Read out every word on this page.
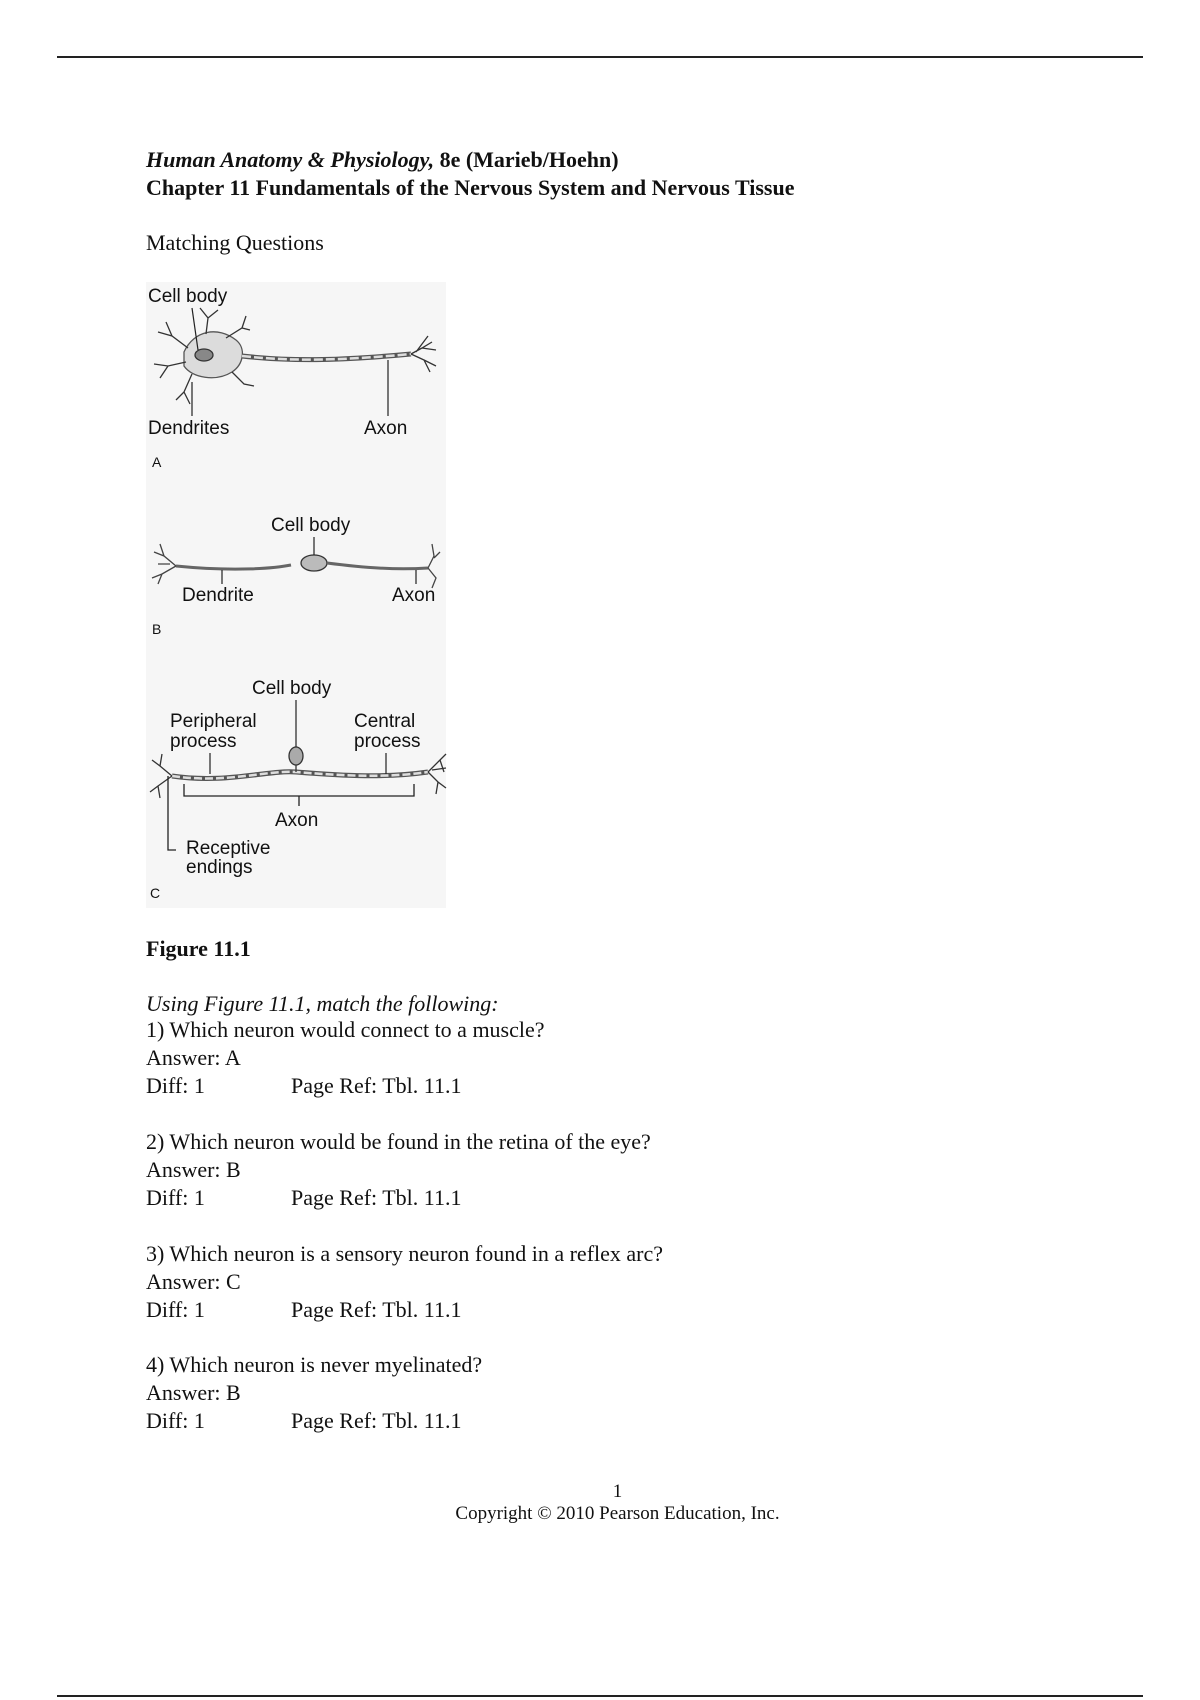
Human Anatomy & Physiology, 8e (Marieb/Hoehn)
Chapter 11 Fundamentals of the Nervous System and Nervous Tissue
Matching Questions
Figure 11.1
Using Figure 11.1, match the following:
1) Which neuron would connect to a muscle?
Answer: A
Diff: 1	Page Ref: Tbl. 11.1
2) Which neuron would be found in the retina of the eye?
Answer: B
Diff: 1	Page Ref: Tbl. 11.1
3) Which neuron is a sensory neuron found in a reflex arc?
Answer: C
Diff: 1	Page Ref: Tbl. 11.1
4) Which neuron is never myelinated?
Answer: B
Diff: 1	Page Ref: Tbl. 11.1
Cell body
Dendrites	Axon
A
Cell body
Dendrite	Axon
B
Cell body
Peripheral
process
Central
process
Axon
Receptive
endings
C
1
Copyright © 2010 Pearson Education, Inc.
